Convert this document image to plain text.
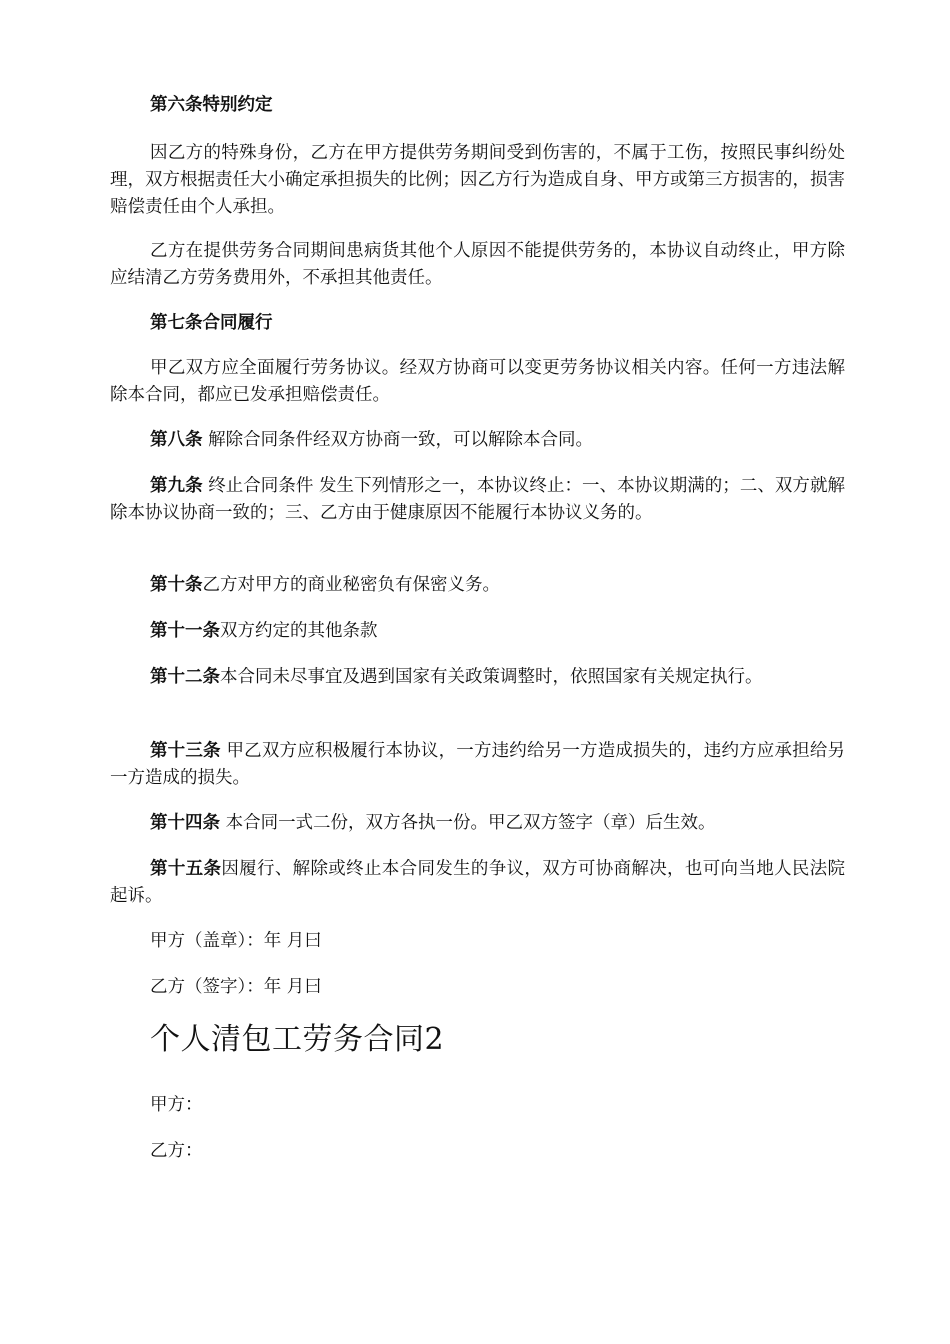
第六条特别约定

因乙方的特殊身份，乙方在甲方提供劳务期间受到伤害的，不属于工伤，按照民事纠纷处理，双方根据责任大小确定承担损失的比例；因乙方行为造成自身、甲方或第三方损害的，损害赔偿责任由个人承担。

乙方在提供劳务合同期间患病货其他个人原因不能提供劳务的，本协议自动终止，甲方除应结清乙方劳务费用外，不承担其他责任。

第七条合同履行

甲乙双方应全面履行劳务协议。经双方协商可以变更劳务协议相关内容。任何一方违法解除本合同，都应已发承担赔偿责任。

第八条 解除合同条件经双方协商一致，可以解除本合同。

第九条 终止合同条件 发生下列情形之一，本协议终止：一、本协议期满的；二、双方就解除本协议协商一致的；三、乙方由于健康原因不能履行本协议义务的。

第十条乙方对甲方的商业秘密负有保密义务。

第十一条双方约定的其他条款

第十二条本合同未尽事宜及遇到国家有关政策调整时，依照国家有关规定执行。

第十三条 甲乙双方应积极履行本协议，一方违约给另一方造成损失的，违约方应承担给另一方造成的损失。

第十四条 本合同一式二份，双方各执一份。甲乙双方签字（章）后生效。

第十五条因履行、解除或终止本合同发生的争议，双方可协商解决，也可向当地人民法院起诉。

甲方（盖章）：年 月曰

乙方（签字）：年 月曰

个人清包工劳务合同2

甲方：

乙方：
